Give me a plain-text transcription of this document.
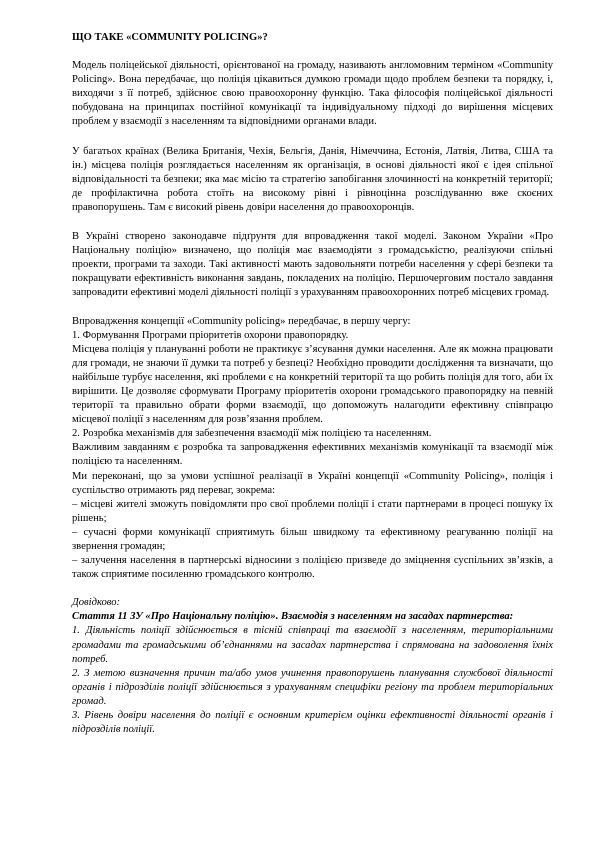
ЩО ТАКЕ «COMMUNITY POLICING»?

Модель поліцейської діяльності, орієнтованої на громаду, називають англомовним терміном «Community Policing». Вона передбачає, що поліція цікавиться думкою громади щодо проблем безпеки та порядку, і, виходячи з її потреб, здійснює свою правоохоронну функцію. Така філософія поліцейської діяльності побудована на принципах постійної комунікації та індивідуальному підході до вирішення місцевих проблем у взаємодії з населенням та відповідними органами влади.

У багатьох країнах (Велика Британія, Чехія, Бельгія, Данія, Німеччина, Естонія, Латвія, Литва, США та ін.) місцева поліція розглядається населенням як організація, в основі діяльності якої є ідея спільної відповідальності та безпеки; яка має місію та стратегію запобігання злочинності на конкретній території; де профілактична робота стоїть на високому рівні і рівноцінна розслідуванню вже скоєних правопорушень. Там є високий рівень довіри населення до правоохоронців.

В Україні створено законодавче підґрунтя для впровадження такої моделі. Законом України «Про Національну поліцію» визначено, що поліція має взаємодіяти з громадськістю, реалізуючи спільні проекти, програми та заходи. Такі активності мають задовольняти потреби населення у сфері безпеки та покращувати ефективність виконання завдань, покладених на поліцію. Першочерговим постало завдання запровадити ефективні моделі діяльності поліції з урахуванням правоохоронних потреб місцевих громад.

Впровадження концепції «Community policing» передбачає, в першу чергу:

1. Формування Програми пріоритетів охорони правопорядку.

Місцева поліція у плануванні роботи не практикує з’ясування думки населення. Але як можна працювати для громади, не знаючи її думки та потреб у безпеці? Необхідно проводити дослідження та визначати, що найбільше турбує населення, які проблеми є на конкретній території та що робить поліція для того, аби їх вирішити. Це дозволяє сформувати Програму пріоритетів охорони громадського правопорядку на певній території та правильно обрати форми взаємодії, що допоможуть налагодити ефективну співпрацю місцевої поліції з населенням для розв’язання проблем.

2. Розробка механізмів для забезпечення взаємодії між поліцією та населенням.

Важливим завданням є розробка та запровадження ефективних механізмів комунікації та взаємодії між поліцією та населенням.

Ми переконані, що за умови успішної реалізації в Україні концепції «Community Policing», поліція і суспільство отримають ряд переваг, зокрема:

– місцеві жителі зможуть повідомляти про свої проблеми поліції і стати партнерами в процесі пошуку їх рішень;

– сучасні форми комунікації сприятимуть більш швидкому та ефективному реагуванню поліції на звернення громадян;

– залучення населення в партнерські відносини з поліцією призведе до зміцнення суспільних зв’язків, а також сприятиме посиленню громадського контролю.

Довідково:

Стаття 11 ЗУ «Про Національну поліцію». Взаємодія з населенням на засадах партнерства:

1. Діяльність поліції здійснюється в тісній співпраці та взаємодії з населенням, територіальними громадами та громадськими об’єднаннями на засадах партнерства і спрямована на задоволення їхніх потреб.

2. З метою визначення причин та/або умов учинення правопорушень планування службової діяльності органів і підрозділів поліції здійснюється з урахуванням специфіки регіону та проблем територіальних громад.

3. Рівень довіри населення до поліції є основним критерієм оцінки ефективності діяльності органів і підрозділів поліції.
